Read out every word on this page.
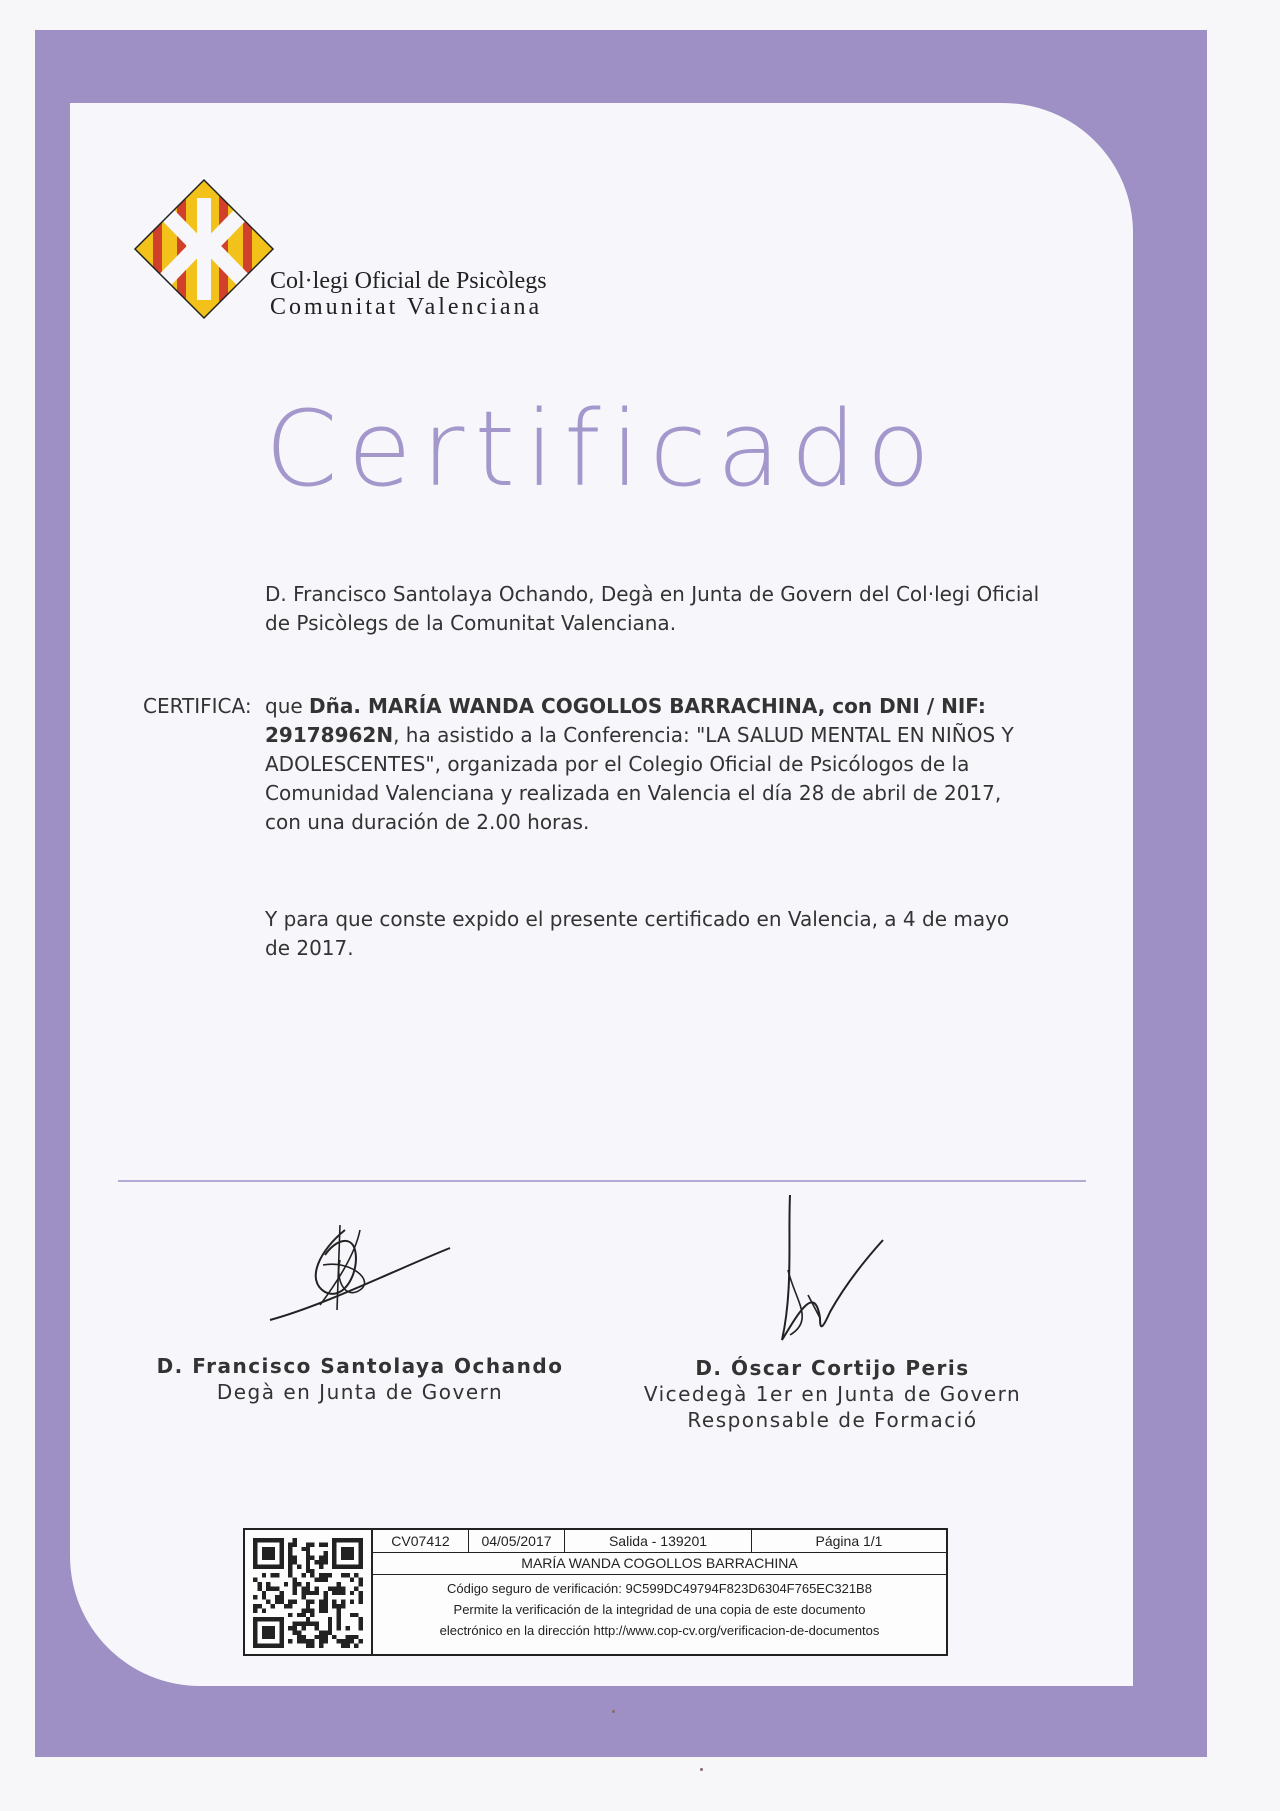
Col·legi Oficial de Psicòlegs
Comunitat Valenciana
Certificado

D. Francisco Santolaya Ochando, Degà en Junta de Govern del Col·legi Oficial de Psicòlegs de la Comunitat Valenciana.

CERTIFICA: que Dña. MARÍA WANDA COGOLLOS BARRACHINA, con DNI / NIF: 29178962N, ha asistido a la Conferencia: "LA SALUD MENTAL EN NIÑOS Y ADOLESCENTES", organizada por el Colegio Oficial de Psicólogos de la Comunidad Valenciana y realizada en Valencia el día 28 de abril de 2017, con una duración de 2.00 horas.

Y para que conste expido el presente certificado en Valencia, a 4 de mayo de 2017.

D. Francisco Santolaya Ochando
Degà en Junta de Govern
D. Óscar Cortijo Peris
Vicedegà 1er en Junta de Govern
Responsable de Formació
CV07412	04/05/2017	Salida - 139201	Página 1/1
MARÍA WANDA COGOLLOS BARRACHINA
Código seguro de verificación: 9C599DC49794F823D6304F765EC321B8
Permite la verificación de la integridad de una copia de este documento
electrónico en la dirección http://www.cop-cv.org/verificacion-de-documentos
